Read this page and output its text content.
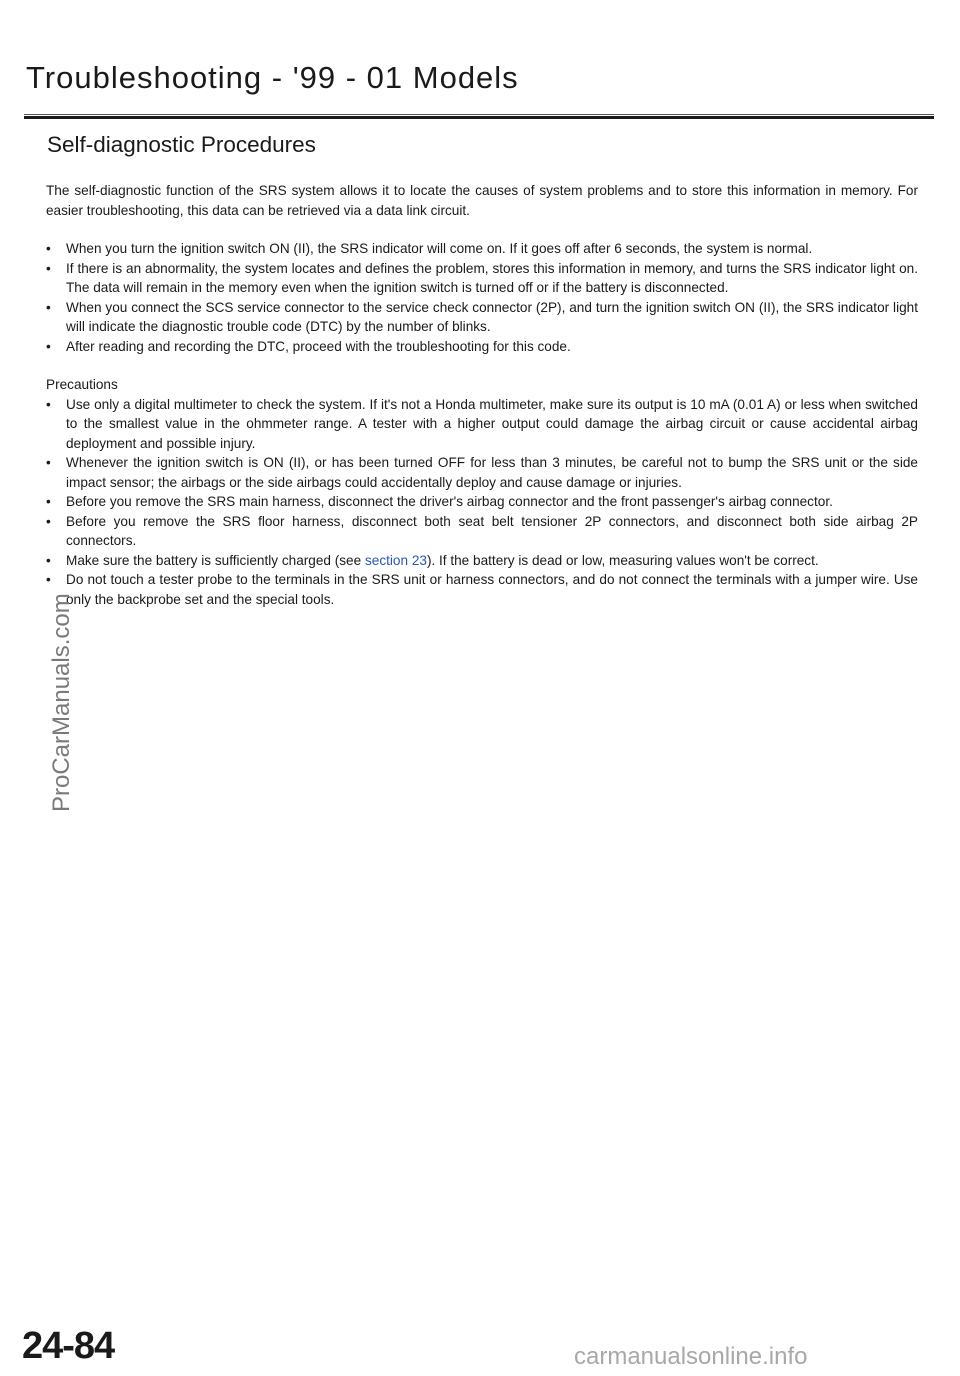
Troubleshooting - '99 - 01 Models
Self-diagnostic Procedures

The self-diagnostic function of the SRS system allows it to locate the causes of system problems and to store this information in memory. For easier troubleshooting, this data can be retrieved via a data link circuit.

•	When you turn the ignition switch ON (II), the SRS indicator will come on. If it goes off after 6 seconds, the system is normal.
•	If there is an abnormality, the system locates and defines the problem, stores this information in memory, and turns the SRS indicator light on. The data will remain in the memory even when the ignition switch is turned off or if the battery is disconnected.
•	When you connect the SCS service connector to the service check connector (2P), and turn the ignition switch ON (II), the SRS indicator light will indicate the diagnostic trouble code (DTC) by the number of blinks.
•	After reading and recording the DTC, proceed with the troubleshooting for this code.

Precautions

•	Use only a digital multimeter to check the system. If it's not a Honda multimeter, make sure its output is 10 mA (0.01 A) or less when switched to the smallest value in the ohmmeter range. A tester with a higher output could damage the airbag circuit or cause accidental airbag deployment and possible injury.
•	Whenever the ignition switch is ON (II), or has been turned OFF for less than 3 minutes, be careful not to bump the SRS unit or the side impact sensor; the airbags or the side airbags could accidentally deploy and cause damage or injuries.
•	Before you remove the SRS main harness, disconnect the driver's airbag connector and the front passenger's airbag connector.
•	Before you remove the SRS floor harness, disconnect both seat belt tensioner 2P connectors, and disconnect both side airbag 2P connectors.
•	Make sure the battery is sufficiently charged (see section 23). If the battery is dead or low, measuring values won't be correct.
•	Do not touch a tester probe to the terminals in the SRS unit or harness connectors, and do not connect the terminals with a jumper wire. Use only the backprobe set and the special tools.
ProCarManuals.com
24-84	carmanualsonline.info
